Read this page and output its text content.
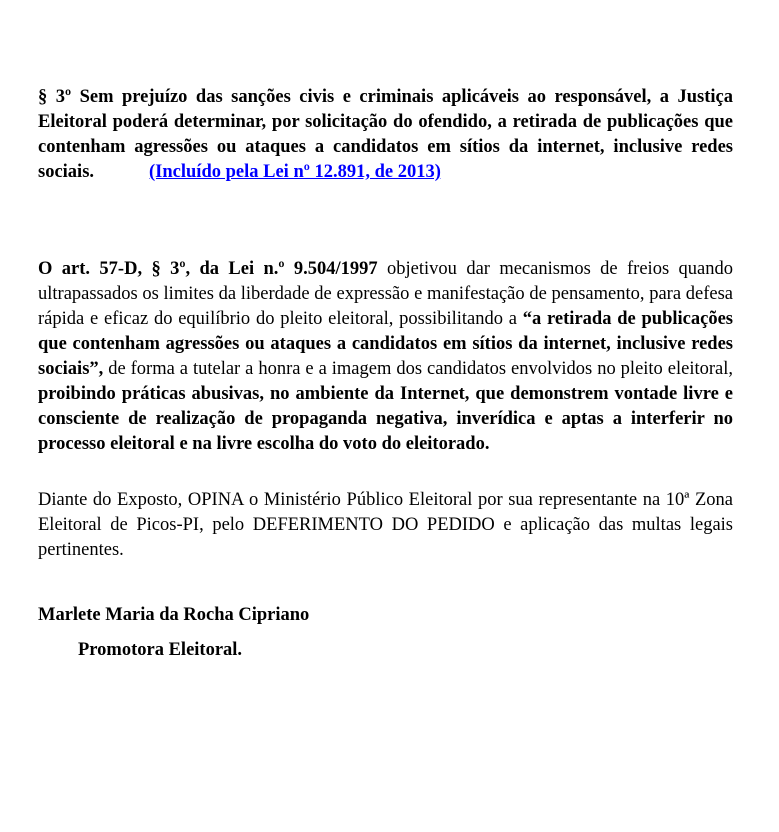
§ 3º Sem prejuízo das sanções civis e criminais aplicáveis ao responsável, a Justiça Eleitoral poderá determinar, por solicitação do ofendido, a retirada de publicações que contenham agressões ou ataques a candidatos em sítios da internet, inclusive redes sociais.	(Incluído pela Lei nº 12.891, de 2013)

O art. 57-D, § 3º, da Lei n.º 9.504/1997 objetivou dar mecanismos de freios quando ultrapassados os limites da liberdade de expressão e manifestação de pensamento, para defesa rápida e eficaz do equilíbrio do pleito eleitoral, possibilitando a “a retirada de publicações que contenham agressões ou ataques a candidatos em sítios da internet, inclusive redes sociais”, de forma a tutelar a honra e a imagem dos candidatos envolvidos no pleito eleitoral, proibindo práticas abusivas, no ambiente da Internet, que demonstrem vontade livre e consciente de realização de propaganda negativa, inverídica e aptas a interferir no processo eleitoral e na livre escolha do voto do eleitorado.

Diante do Exposto, OPINA o Ministério Público Eleitoral por sua representante na 10ª Zona Eleitoral de Picos-PI, pelo DEFERIMENTO DO PEDIDO e aplicação das multas legais pertinentes.

Marlete Maria da Rocha Cipriano

Promotora Eleitoral.
